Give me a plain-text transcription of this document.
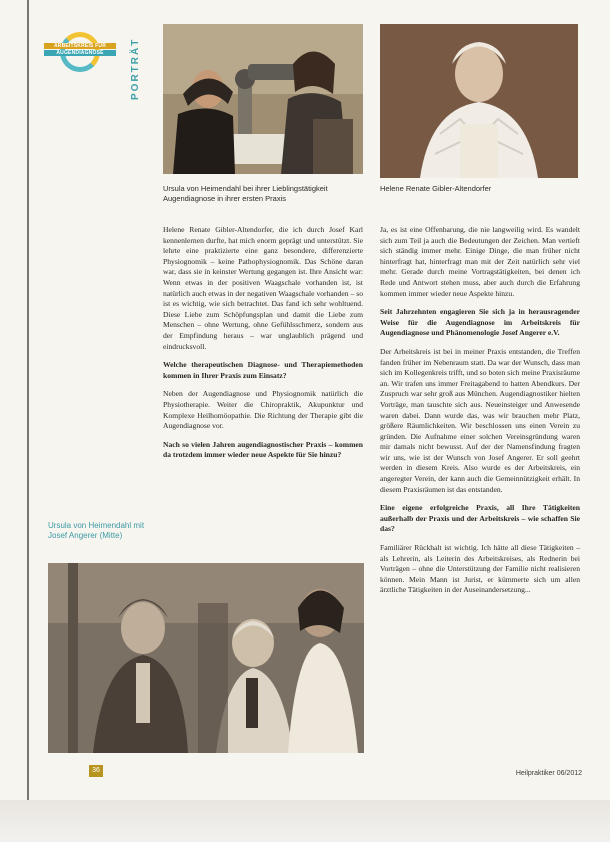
ARBEITSKREIS FÜR
AUGENDIAGNOSE	PORTRÄT
Ursula von Heimendahl bei ihrer Lieblingstätigkeit Augendiagnose in ihrer ersten Praxis
Helene Renate Gibler-Altendorfer

Helene Renate Gibler-Altendorfer, die ich durch Josef Karl kennenlernen durfte, hat mich enorm geprägt und unterstützt. Sie lehrte eine praktizierte eine ganz besondere, differenzierte Physiognomik – keine Pathophysiognomik. Das Schöne daran war, dass sie in keinster Wertung gegangen ist. Ihre Ansicht war: Wenn etwas in der positiven Waagschale vorhanden ist, ist natürlich auch etwas in der negativen Waagschale vorhanden – so ist es wichtig, wie sich betrachtet. Das fand ich sehr wohltuend. Diese Liebe zum Schöpfungsplan und damit die Liebe zum Menschen – ohne Wertung, ohne Gefühlsschmerz, sondern aus der Empfindung heraus – war unglaublich prägend und eindrucksvoll.

Welche therapeutischen Diagnose- und Therapiemethoden kommen in Ihrer Praxis zum Einsatz?

Neben der Augendiagnose und Physiognomik natürlich die Physiotherapie. Weiter die Chiropraktik, Akupunktur und Komplexe Heilhomöopathie. Die Richtung der Therapie gibt die Augendiagnose vor.

Nach so vielen Jahren augendiagnostischer Praxis – kommen da trotzdem immer wieder neue Aspekte für Sie hinzu?

Ja, es ist eine Offenbarung, die nie langweilig wird. Es wandelt sich zum Teil ja auch die Bedeutungen der Zeichen. Man vertieft sich ständig immer mehr. Einige Dinge, die man früher nicht hinterfragt hat, hinterfragt man mit der Zeit natürlich sehr viel mehr. Gerade durch meine Vortragstätigkeiten, bei denen ich Rede und Antwort stehen muss, aber auch durch die Erfahrung kommen immer wieder neue Aspekte hinzu.

Seit Jahrzehnten engagieren Sie sich ja in herausragender Weise für die Augendiagnose im Arbeitskreis für Augendiagnose und Phänomenologie Josef Angerer e.V.

Der Arbeitskreis ist bei in meiner Praxis entstanden, die Treffen fanden früher im Nebenraum statt. Da war der Wunsch, dass man sich im Kollegenkreis trifft, und so boten sich meine Praxisräume an. Wir trafen uns immer Freitagabend to hatten Abendkurs. Der Zuspruch war sehr groß aus München. Augendiagnostiker hielten Vorträge, man tauschte sich aus. Neueinsteiger und Anwesende waren dabei. Dann wurde das, was wir brauchen mehr Platz, größere Räumlichkeiten. Wir beschlossen uns einen Verein zu gründen. Die Aufnahme einer solchen Vereinsgründung waren mir damals nicht bewusst. Auf der der Namensfindung fragten wir uns, wie ist der Wunsch von Josef Angerer. Er soll geehrt werden in diesem Kreis. Also wurde es der Arbeitskreis, ein angeregter Verein, der kann auch die Gemeinnützigkeit erhält. In diesem Praxisräumen ist das entstanden.

Eine eigene erfolgreiche Praxis, all Ihre Tätigkeiten außerhalb der Praxis und der Arbeitskreis – wie schaffen Sie das?

Familiärer Rückhalt ist wichtig. Ich hätte all diese Tätigkeiten – als Lehrerin, als Leiterin des Arbeitskreises, als Rednerin bei Vorträgen – ohne die Unterstützung der Familie nicht realisieren können. Mein Mann ist Jurist, er kümmerte sich um allen ärztliche Tätigkeiten in der Auseinandersetzung...

Ursula von Heimendahl mit Josef Angerer (Mitte)
36	Heilpraktiker 06/2012
